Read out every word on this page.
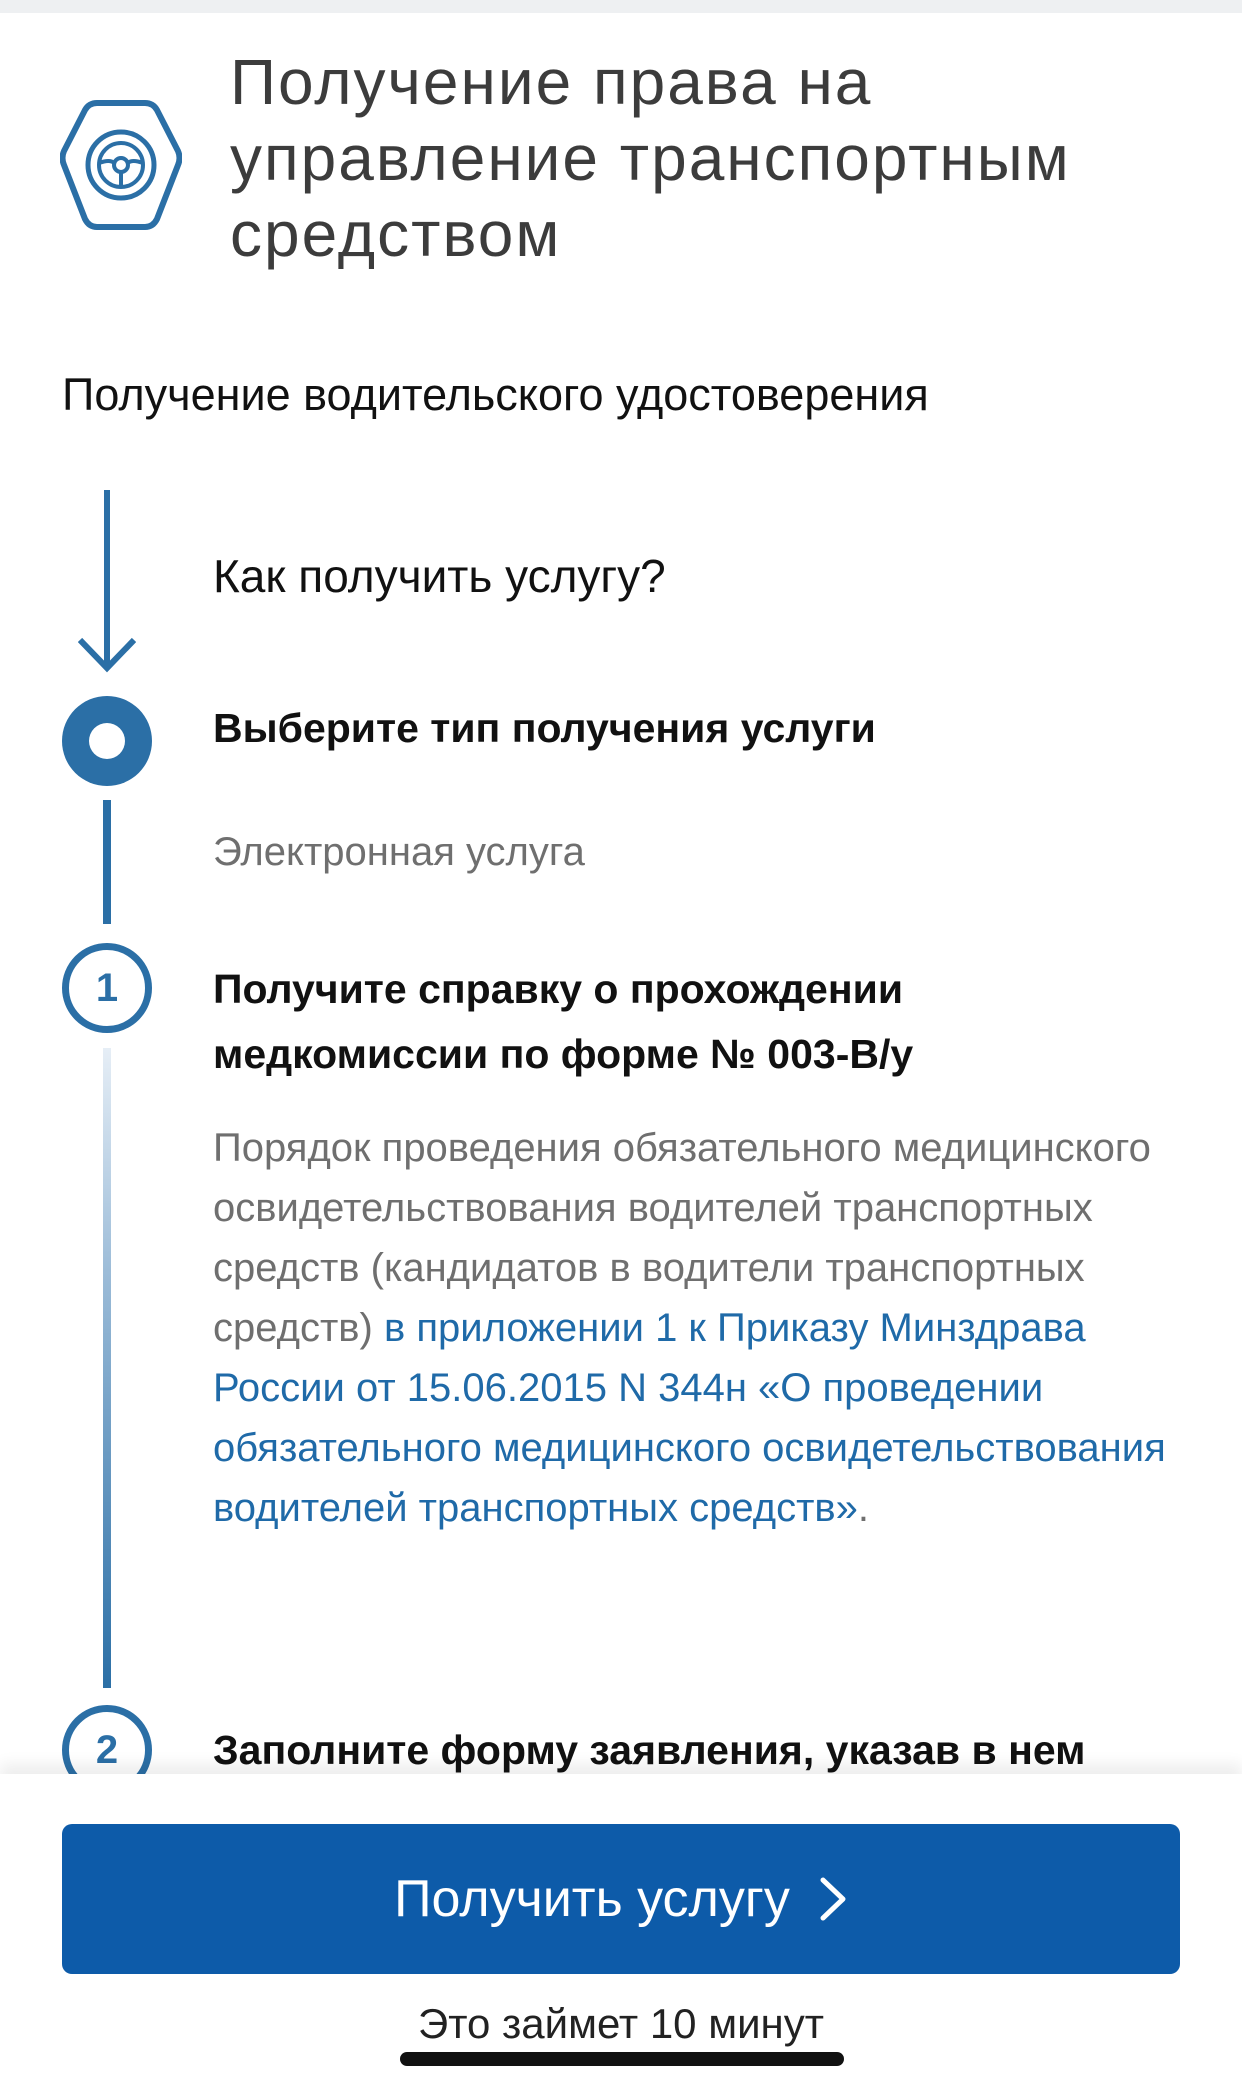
Получение права на
управление транспортным
средством
Получение водительского удостоверения
Как получить услугу?
Выберите тип получения услуги
Электронная услуга
1	Получите справку о прохождении
медкомиссии по форме № 003-В/у
Порядок проведения обязательного медицинского освидетельствования водителей транспортных средств (кандидатов в водители транспортных средств) в приложении 1 к Приказу Минздрава России от 15.06.2015 N 344н «О проведении обязательного медицинского освидетельствования водителей транспортных средств».
2	Заполните форму заявления, указав в нем
Получить услугу
Это займет 10 минут
